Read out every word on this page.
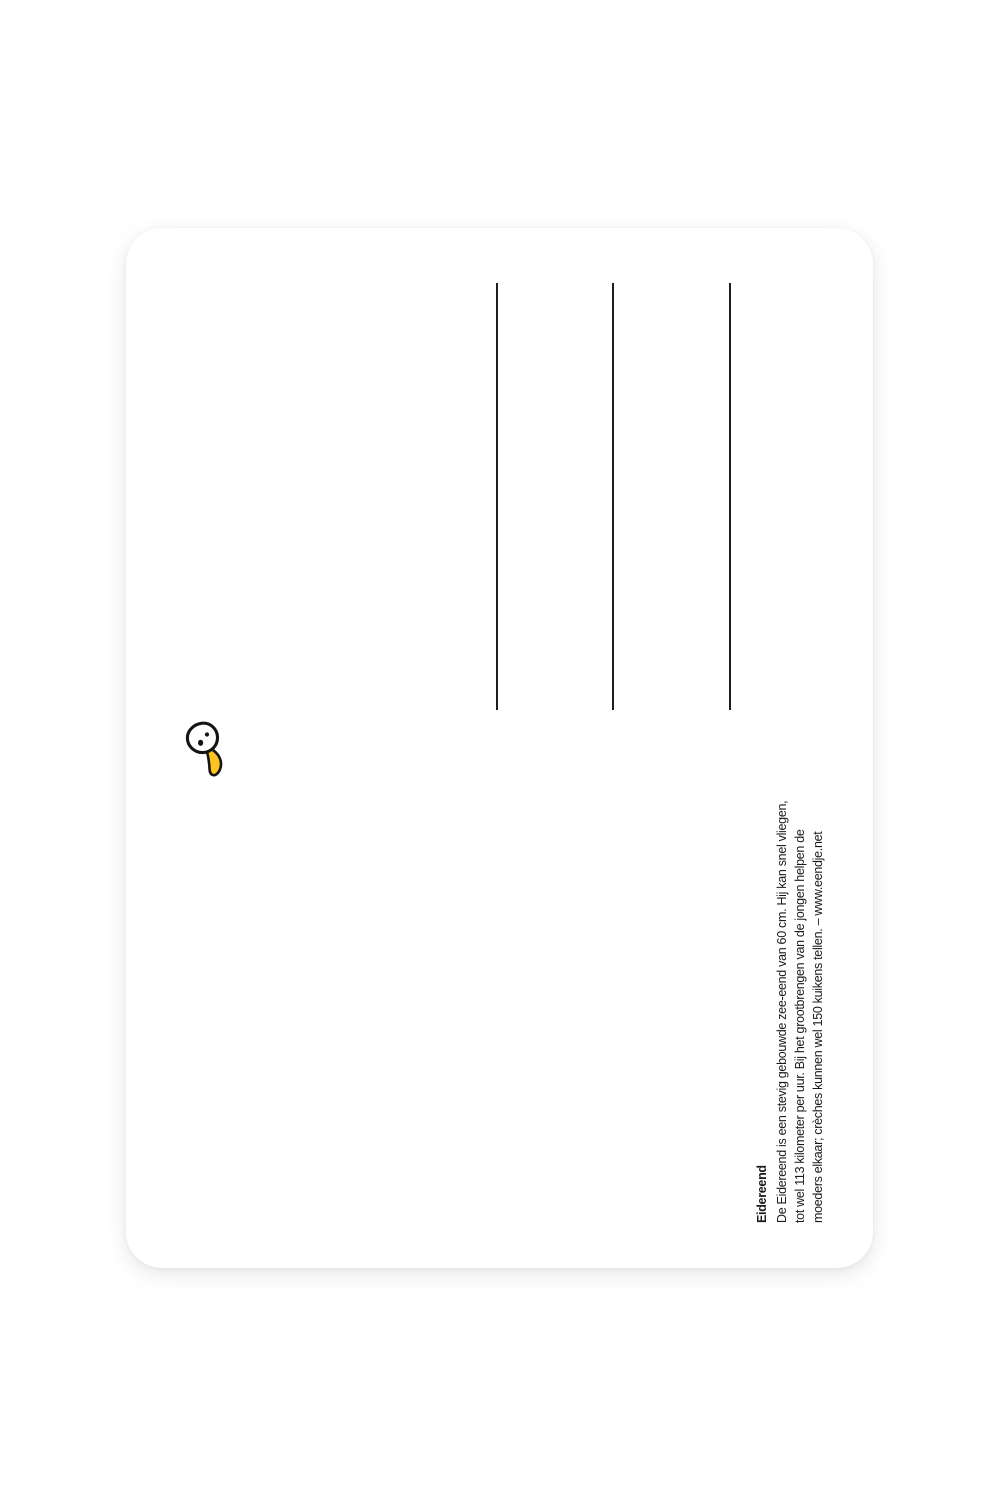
Eidereend De Eidereend is een stevig gebouwde zee-eend van 60 cm. Hij kan snel vliegen, tot wel 113 kilometer per uur. Bij het grootbrengen van de jongen helpen de moeders elkaar; crèches kunnen wel 150 kuikens tellen. – www.eendje.net
